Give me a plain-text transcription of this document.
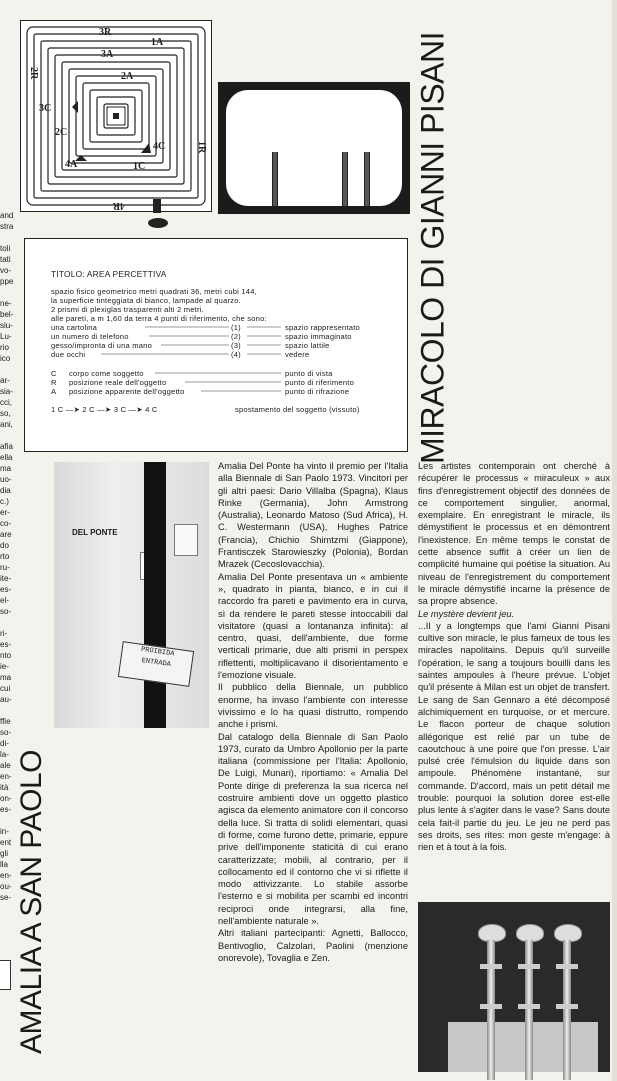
and
stra

toli
tati
vo-
ppe

ne-
bel-
siu-
Lu-
rio
ico

ar-
sia-
cci,
so,
ani,

afia
ella
ma
uo-
dia
c.)
er-
co-
are
do
rto
ru-
ite-
es-
el-
so-

ri-
es-
nto
ie-
ma
cui
au-

ffie
so-
di-
la-
ale
en-
ità
on-
es-

in-
ent
gli
lla
en-
ou-
se-
3R
1A
3A
2A
2R
3C
2C
4C
1C
4A
1R
4R
TITOLO: AREA PERCETTIVA
spazio fisico geometrico metri quadrati 36, metri cubi 144,
la superficie tinteggiata di bianco, lampade al quarzo.
2 prismi di plexiglas trasparenti alti 2 metri.
alle pareti, a m 1,60 da terra 4 punti di riferimento, che sono:
una cartolina	(1)	spazio rappresentato
un numero di telefono	(2)	spazio immaginato
gesso/impronta di una mano	(3)	spazio lattile
due occhi	(4)	vedere
C corpo come soggetto	punto di vista
R posizione reale dell'oggetto	punto di riferimento
A posizione apparente dell'oggetto	punto di rifrazione
1 C —➤ 2 C —➤ 3 C —➤ 4 C	spostamento del soggetto (vissuto) MIRACOLO DI GIANNI PISANI
AMALIA A SAN PAOLO
DEL PONTE
PROIBIDA
ENTRADA

Amalia Del Ponte ha vinto il premio per l'Italia alla Biennale di San Paolo 1973. Vincitori per gli altri paesi: Dario Villalba (Spagna), Klaus Rinke (Germania), John Armstrong (Australia), Leonardo Matoso (Sud Africa), H. C. Westermann (USA), Hughes Patrice (Francia), Chichio Shimtzmi (Giappone), Frantisczek Starowieszky (Polonia), Bordan Mrazek (Cecoslovacchia).

Amalia Del Ponte presentava un « ambiente », quadrato in pianta, bianco, e in cui il raccordo fra pareti e pavimento era in curva, sì da rendere le pareti stesse intoccabili dal visitatore (quasi a lontananza infinita): al centro, quasi, dell'ambiente, due forme verticali primarie, due alti prismi in perspex riflettenti, moltiplicavano il disorientamento e l'emozione visuale.

Il pubblico della Biennale, un pubblico enorme, ha invaso l'ambiente con interesse vivissimo e lo ha quasi distrutto, rompendo anche i prismi.

Dal catalogo della Biennale di San Paolo 1973, curato da Umbro Apollonio per la parte italiana (commissione per l'Italia: Apollonio, De Luigi, Munari), riportiamo: « Amalia Del Ponte dirige di preferenza la sua ricerca nel costruire ambienti dove un oggetto plastico agisca da elemento animatore con il concorso della luce. Si tratta di solidi elementari, quasi di forme, come furono dette, primarie, eppure prive dell'imponente staticità di cui erano caratterizzate; mobili, al contrario, per il collocamento ed il contorno che vi si riflette il modo attivizzante. Lo stabile assorbe l'esterno e si mobilita per scambi ed incontri reciproci onde integrarsi, alla fine, nell'ambiente naturale ».

Altri italiani partecipanti: Agnetti, Ballocco, Bentivoglio, Calzolari, Paolini (menzione onorevole), Tovaglia e Zen.

Les artistes contemporain ont cherché à récupérer le processus « miraculeux » aux fins d'enregistrement objectif des données de ce comportement singulier, anormal, exemplaire. En enregistrant le miracle, ils démystifient le processus et en démontrent l'inexistence. En même temps le constat de cette absence suffit à créer un lien de complicité humaine qui poétise la situation. Au niveau de l'enregistrement du comportement le miracle démystifié incarne la présence de sa propre absence.

Le mystère devient jeu.

...Il y a longtemps que l'ami Gianni Pisani cultive son miracle, le plus fameux de tous les miracles napolitains. Depuis qu'il surveille l'opération, le sang a toujours bouilli dans les saintes ampoules à l'heure prévue. L'objet qu'il présente à Milan est un objet de transfert. Le sang de San Gennaro a été décomposé alchimiquement en turquoise, or et mercure. Le flacon porteur de chaque solution allégorique est relié par un tube de caoutchouc à une poire que l'on presse. L'air pulsé crée l'émulsion du liquide dans son ampoule. Phénomène instantané, sur commande. D'accord, mais un petit détail me trouble: pourquoi la solution doree est-elle plus lente à s'agiter dans le vase? Sans doute cela fait-il partie du jeu. Le jeu ne perd pas ses droits, ses rites: mon geste m'engage: à rien et à tout à la fois.
